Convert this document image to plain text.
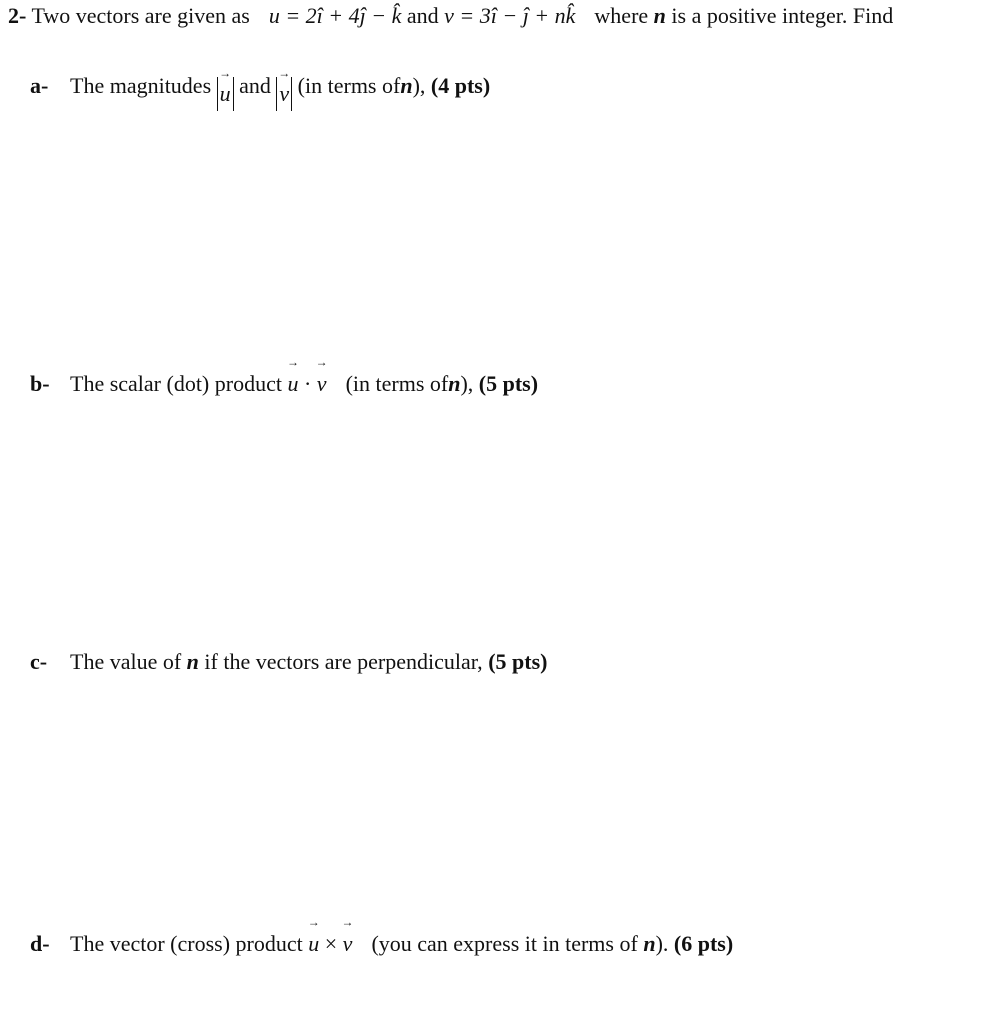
2- Two vectors are given as u = 2î + 4ĵ − k̂ and v = 3î − ĵ + nk̂ where n is a positive integer. Find
a- The magnitudes →
u and →
v (in terms ofn), (4 pts)
b- The scalar (dot) product
→
u ·
→
v (in terms ofn), (5 pts)
c- The value of n if the vectors are perpendicular, (5 pts)
d- The vector (cross) product
→
u ×
→
v (you can express it in terms of n). (6 pts)
